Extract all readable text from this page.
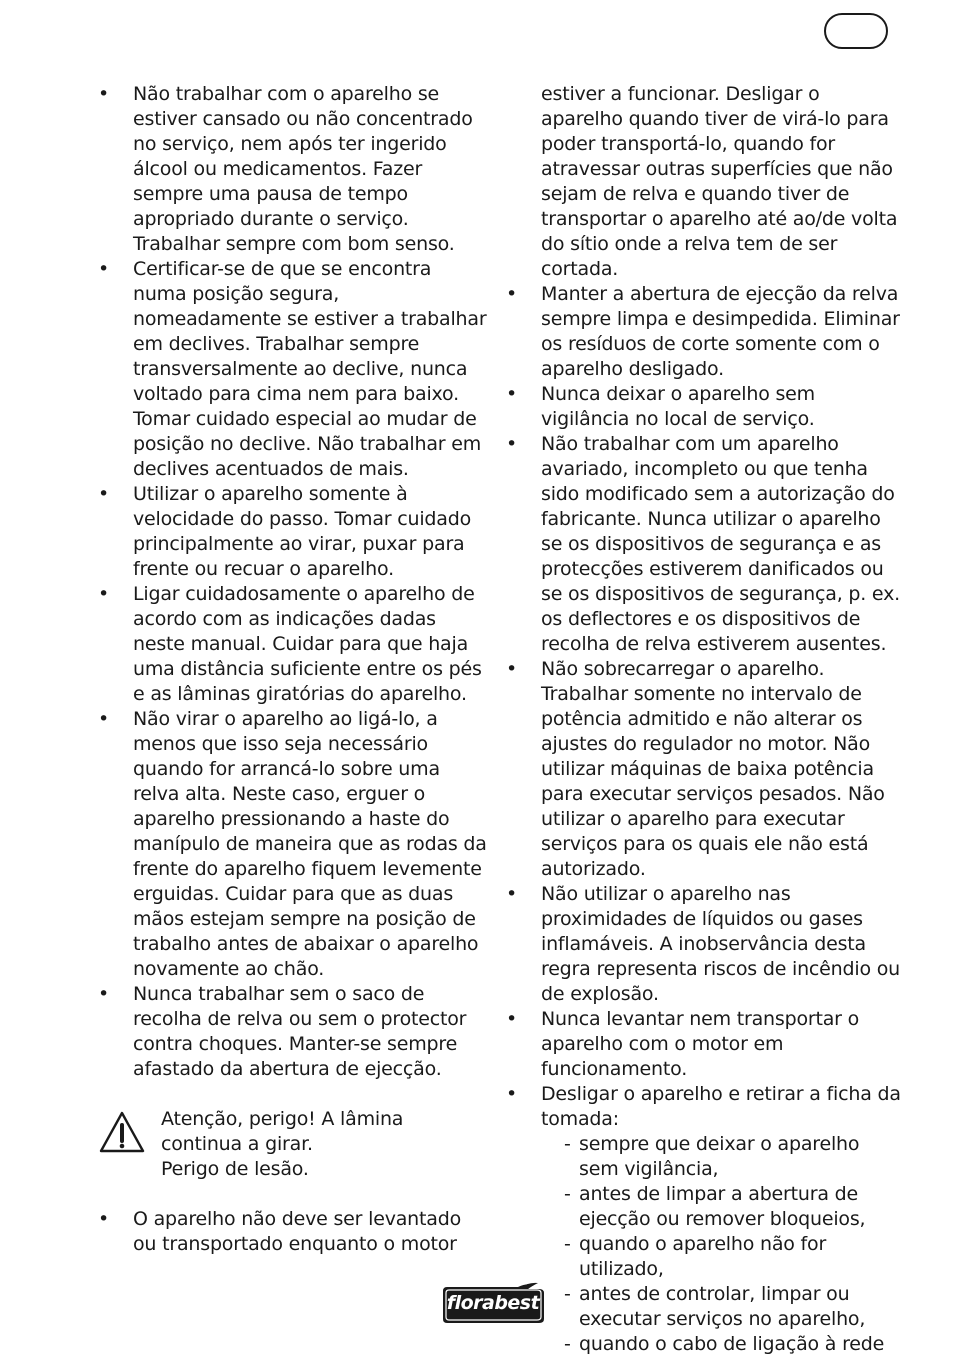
• Não trabalhar com o aparelho se estiver cansado ou não concentrado no serviço, nem após ter ingerido álcool ou medicamentos. Fazer sempre uma pausa de tempo apropriado durante o serviço. Trabalhar sempre com bom senso.
• Certificar-se de que se encontra numa posição segura, nomeadamente se estiver a trabalhar em declives. Trabalhar sempre transversalmente ao declive, nunca voltado para cima nem para baixo. Tomar cuidado especial ao mudar de posição no declive. Não trabalhar em declives acentuados de mais.
• Utilizar o aparelho somente à velocidade do passo. Tomar cuidado principalmente ao virar, puxar para frente ou recuar o aparelho.
• Ligar cuidadosamente o aparelho de acordo com as indicações dadas neste manual. Cuidar para que haja uma distância suficiente entre os pés e as lâminas giratórias do aparelho.
• Não virar o aparelho ao ligá-lo, a menos que isso seja necessário quando for arrancá-lo sobre uma relva alta. Neste caso, erguer o aparelho pressionando a haste do manípulo de maneira que as rodas da frente do aparelho fiquem levemente erguidas. Cuidar para que as duas mãos estejam sempre na posição de trabalho antes de abaixar o aparelho novamente ao chão.
• Nunca trabalhar sem o saco de recolha de relva ou sem o protector contra choques. Manter-se sempre afastado da abertura de ejecção.
Atenção, perigo! A lâmina continua a girar.
Perigo de lesão.
• O aparelho não deve ser levantado ou transportado enquanto o motor
estiver a funcionar. Desligar o aparelho quando tiver de virá-lo para poder transportá-lo, quando for atravessar outras superfícies que não sejam de relva e quando tiver de transportar o aparelho até ao/de volta do sítio onde a relva tem de ser cortada.
• Manter a abertura de ejecção da relva sempre limpa e desimpedida. Eliminar os resíduos de corte somente com o aparelho desligado.
• Nunca deixar o aparelho sem vigilância no local de serviço.
• Não trabalhar com um aparelho avariado, incompleto ou que tenha sido modificado sem a autorização do fabricante. Nunca utilizar o aparelho se os dispositivos de segurança e as protecções estiverem danificados ou se os dispositivos de segurança, p. ex. os deflectores e os dispositivos de recolha de relva estiverem ausentes.
• Não sobrecarregar o aparelho. Trabalhar somente no intervalo de potência admitido e não alterar os ajustes do regulador no motor. Não utilizar máquinas de baixa potência para executar serviços pesados. Não utilizar o aparelho para executar serviços para os quais ele não está autorizado.
• Não utilizar o aparelho nas proximidades de líquidos ou gases inflamáveis. A inobservância desta regra representa riscos de incêndio ou de explosão.
• Nunca levantar nem transportar o aparelho com o motor em funcionamento.
• Desligar o aparelho e retirar a ficha da tomada:
- sempre que deixar o aparelho sem vigilância,
- antes de limpar a abertura de ejecção ou remover bloqueios,
- quando o aparelho não for utilizado,
- antes de controlar, limpar ou executar serviços no aparelho,
- quando o cabo de ligação à rede
florabest
